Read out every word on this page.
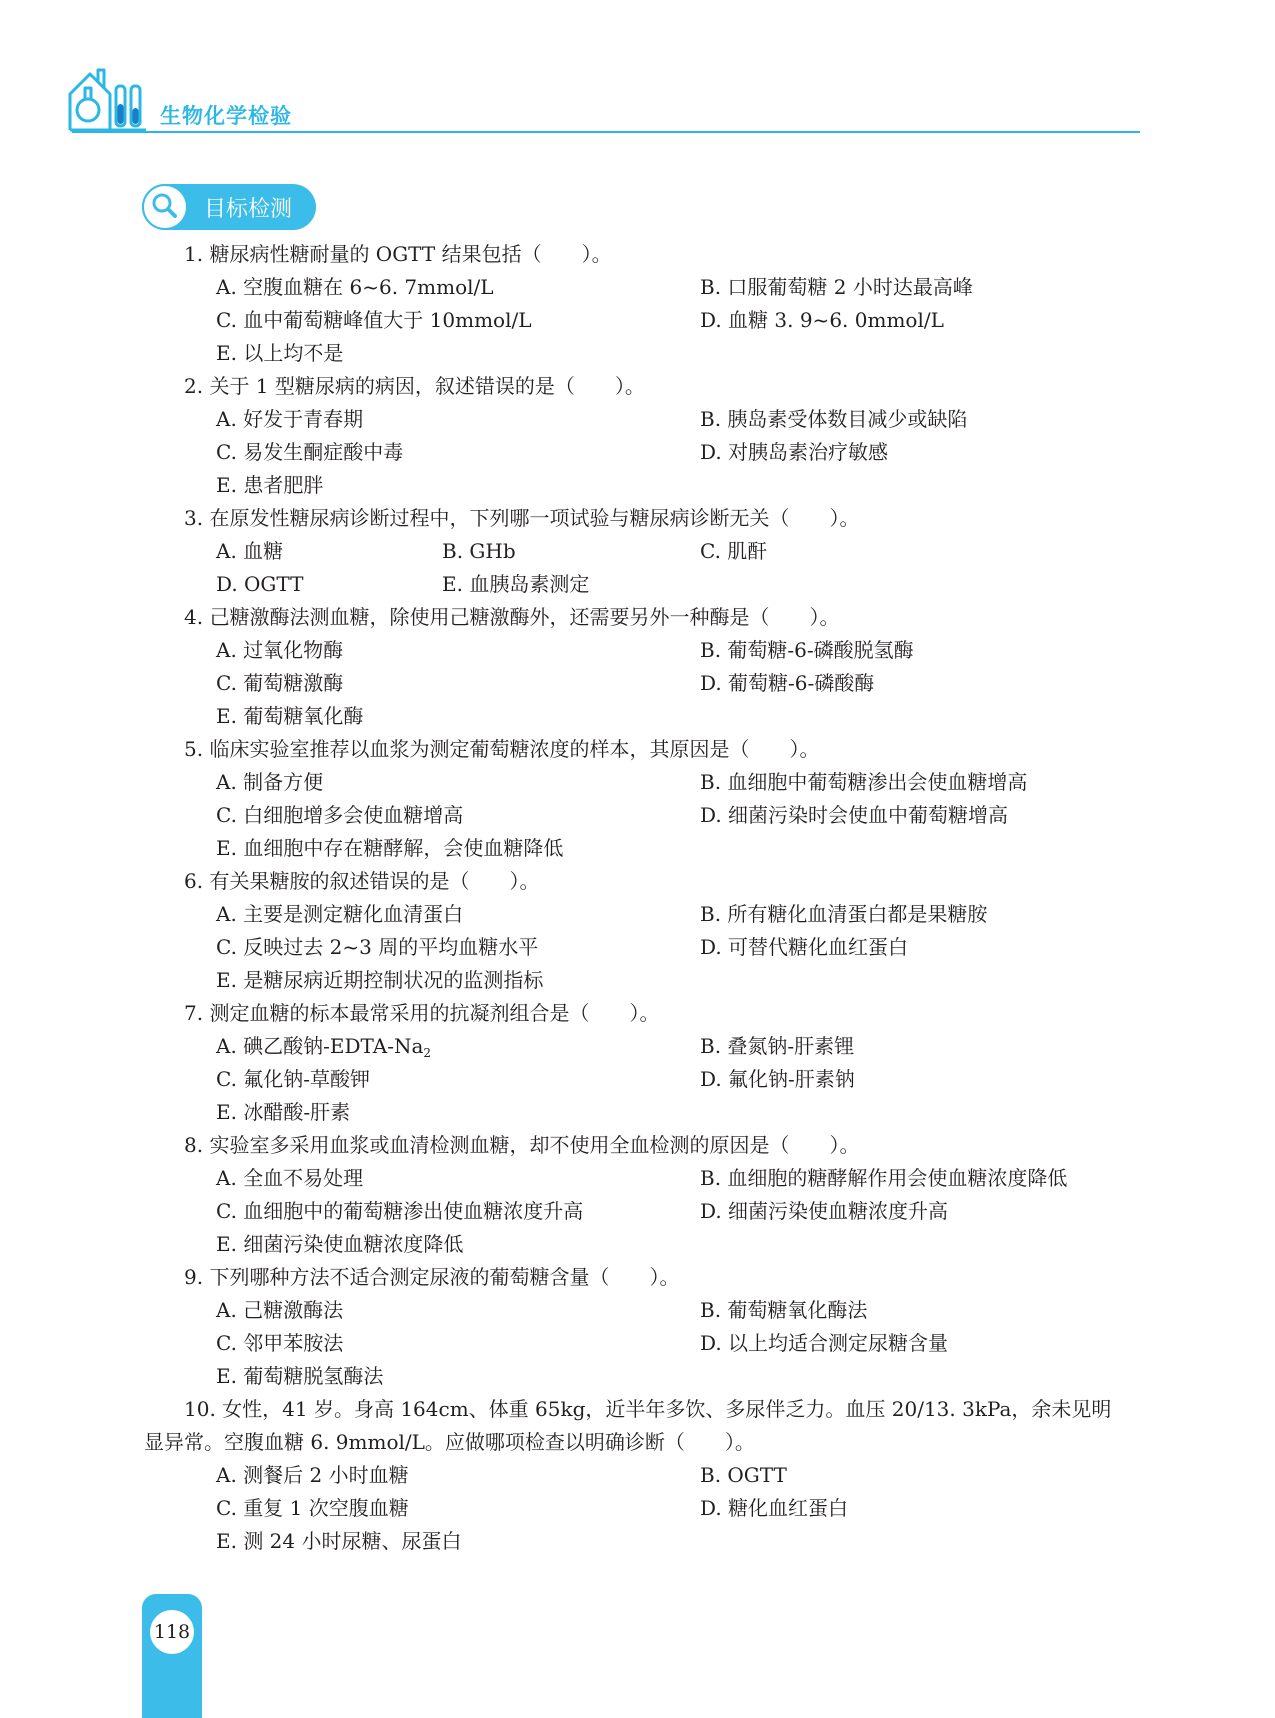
生物化学检验
目标检测
1. 糖尿病性糖耐量的 OGTT 结果包括（　　）。
A. 空腹血糖在 6~6. 7mmol/L	B. 口服葡萄糖 2 小时达最高峰
C. 血中葡萄糖峰值大于 10mmol/L	D. 血糖 3. 9~6. 0mmol/L
E. 以上均不是
2. 关于 1 型糖尿病的病因，叙述错误的是（　　）。
A. 好发于青春期	B. 胰岛素受体数目减少或缺陷
C. 易发生酮症酸中毒	D. 对胰岛素治疗敏感
E. 患者肥胖
3. 在原发性糖尿病诊断过程中，下列哪一项试验与糖尿病诊断无关（　　）。
A. 血糖	B. GHb	C. 肌酐
D. OGTT	E. 血胰岛素测定
4. 己糖激酶法测血糖，除使用己糖激酶外，还需要另外一种酶是（　　）。
A. 过氧化物酶	B. 葡萄糖-6-磷酸脱氢酶
C. 葡萄糖激酶	D. 葡萄糖-6-磷酸酶
E. 葡萄糖氧化酶
5. 临床实验室推荐以血浆为测定葡萄糖浓度的样本，其原因是（　　）。
A. 制备方便	B. 血细胞中葡萄糖渗出会使血糖增高
C. 白细胞增多会使血糖增高	D. 细菌污染时会使血中葡萄糖增高
E. 血细胞中存在糖酵解，会使血糖降低
6. 有关果糖胺的叙述错误的是（　　）。
A. 主要是测定糖化血清蛋白	B. 所有糖化血清蛋白都是果糖胺
C. 反映过去 2~3 周的平均血糖水平	D. 可替代糖化血红蛋白
E. 是糖尿病近期控制状况的监测指标
7. 测定血糖的标本最常采用的抗凝剂组合是（　　）。
A. 碘乙酸钠$-EDTA-Na_2$	B. 叠氮钠-肝素锂
C. 氟化钠-草酸钾	D. 氟化钠-肝素钠
E. 冰醋酸-肝素
8. 实验室多采用血浆或血清检测血糖，却不使用全血检测的原因是（　　）。
A. 全血不易处理	B. 血细胞的糖酵解作用会使血糖浓度降低
C. 血细胞中的葡萄糖渗出使血糖浓度升高	D. 细菌污染使血糖浓度升高
E. 细菌污染使血糖浓度降低
9. 下列哪种方法不适合测定尿液的葡萄糖含量（　　）。
A. 己糖激酶法	B. 葡萄糖氧化酶法
C. 邻甲苯胺法	D. 以上均适合测定尿糖含量
E. 葡萄糖脱氢酶法
10. 女性，41 岁。身高 164cm、体重 65kg，近半年多饮、多尿伴乏力。血压 20/13. 3kPa，余未见明
显异常。空腹血糖 6. 9mmol/L。应做哪项检查以明确诊断（　　）。
A. 测餐后 2 小时血糖	B. OGTT
C. 重复 1 次空腹血糖	D. 糖化血红蛋白
E. 测 24 小时尿糖、尿蛋白
118
